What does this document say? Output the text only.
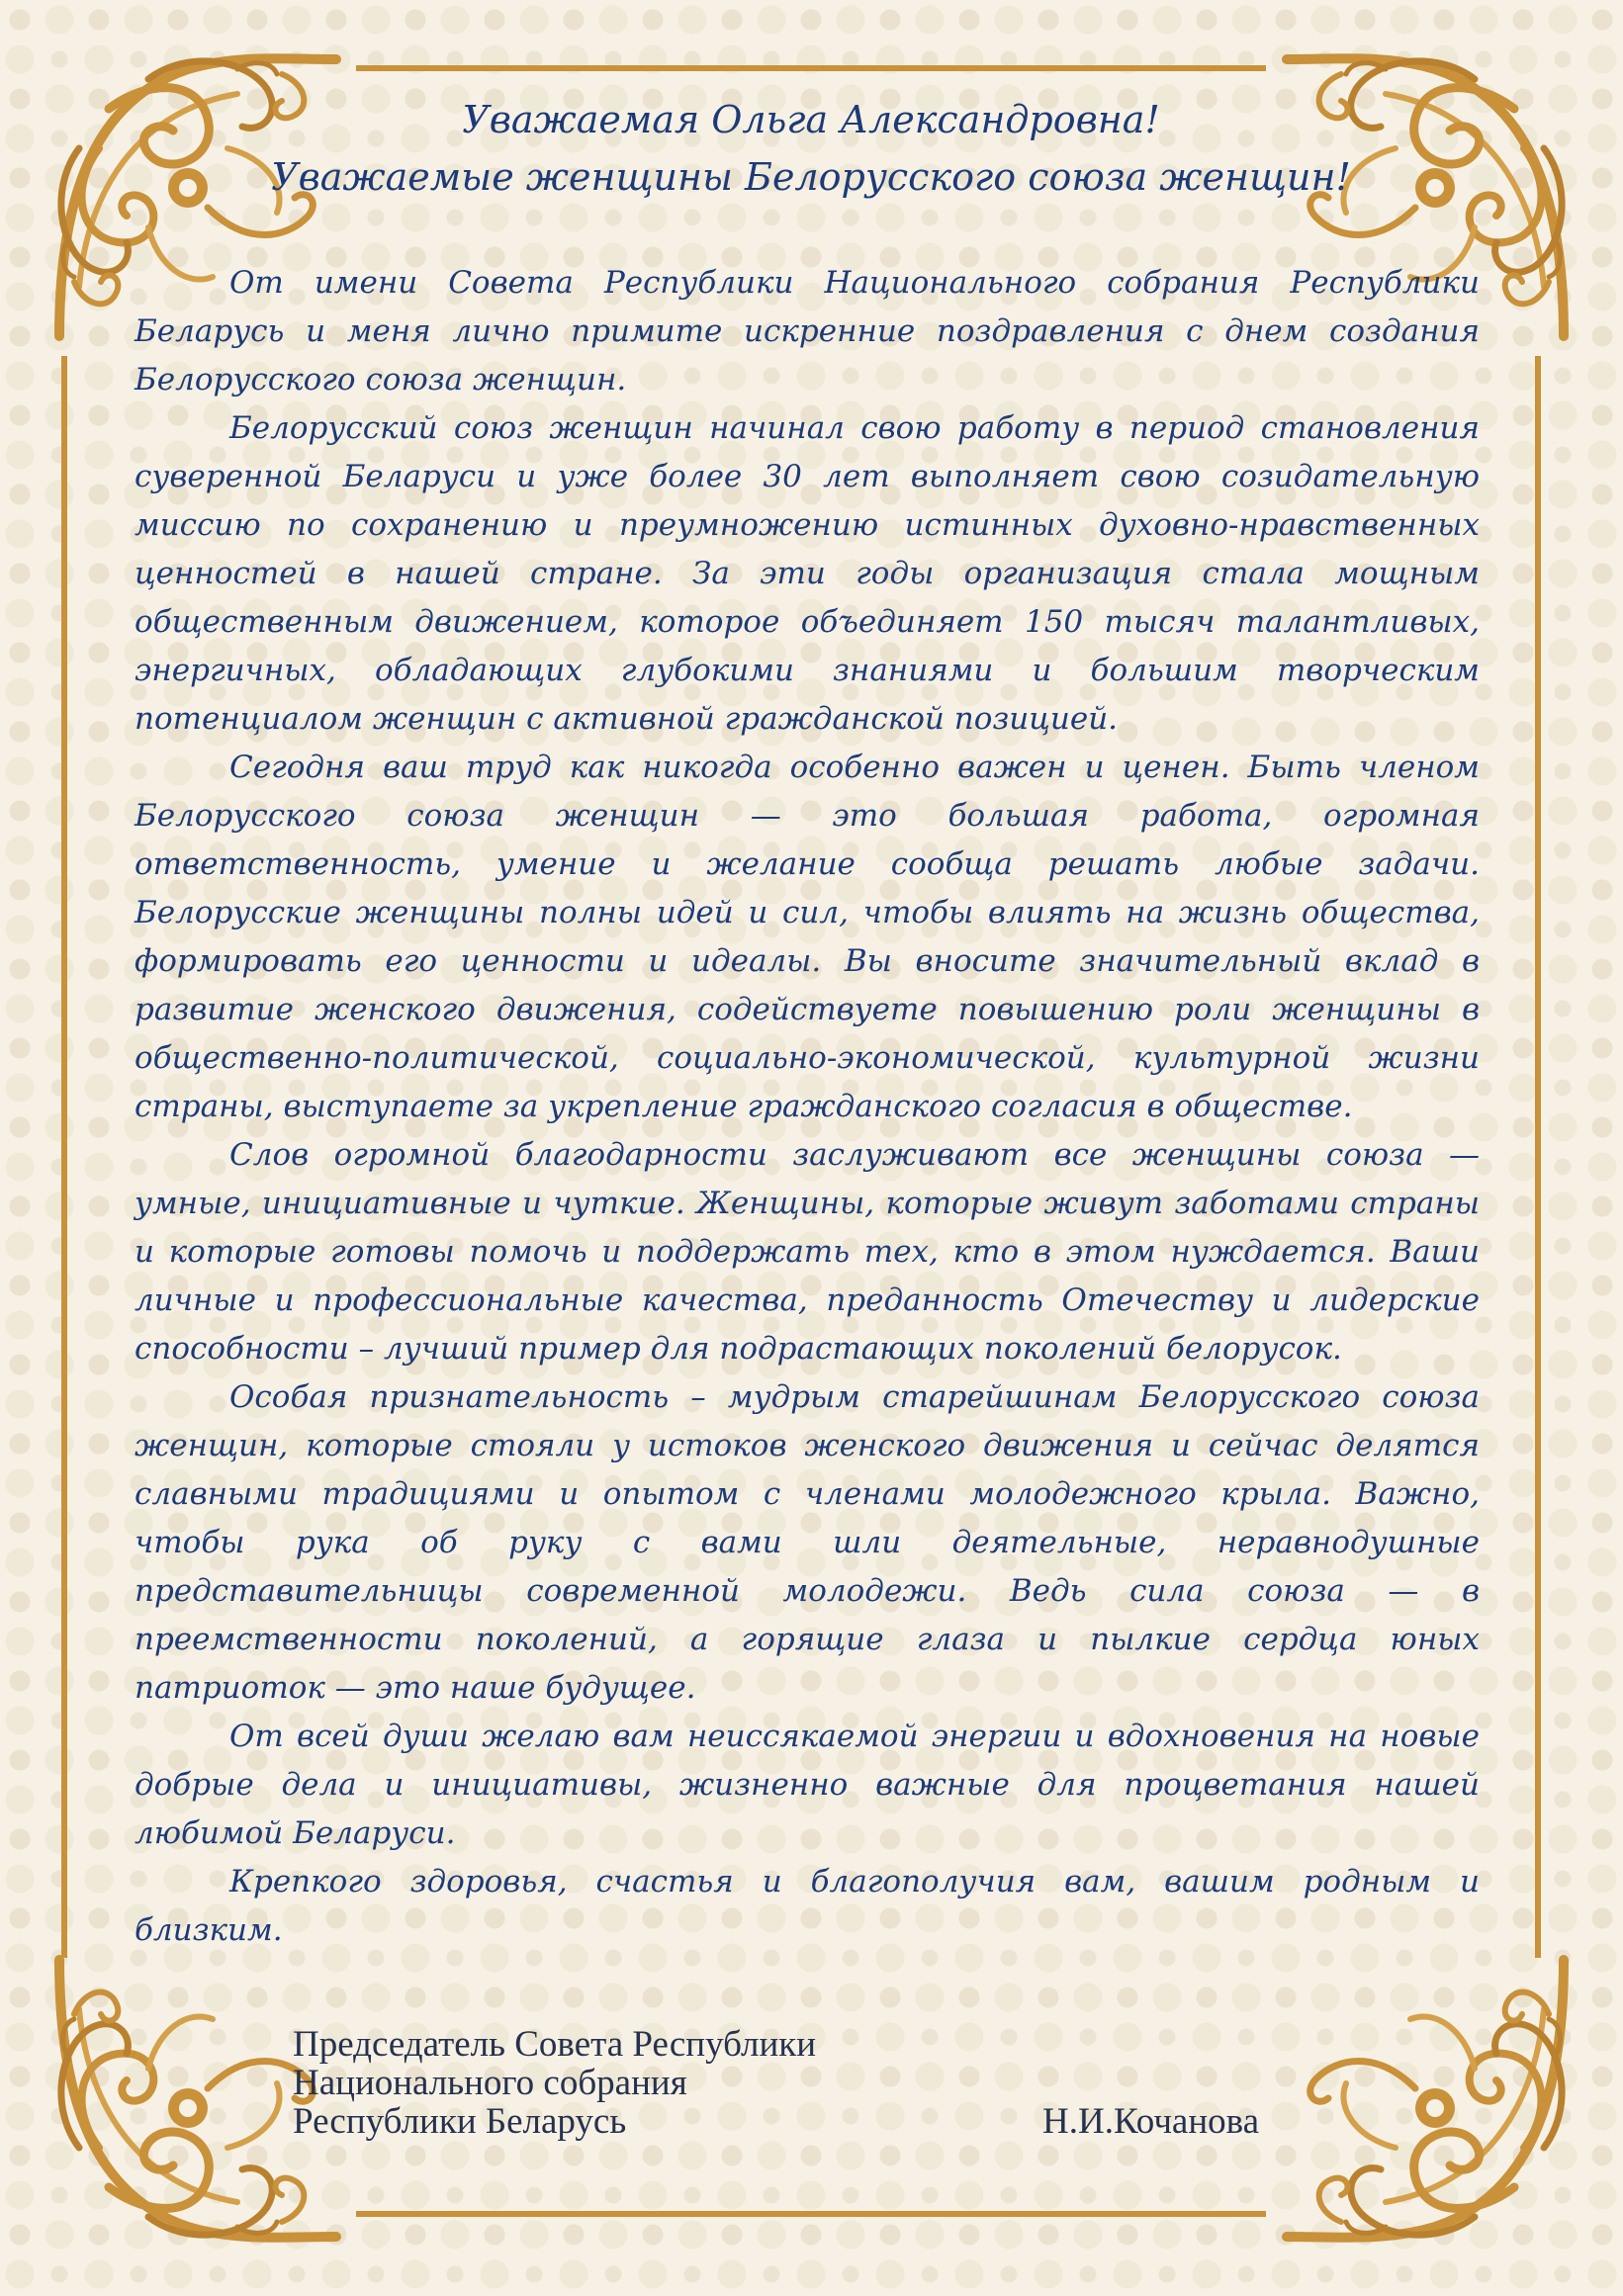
Уважаемая Ольга Александровна!
Уважаемые женщины Белорусского союза женщин!

От имени Совета Республики Национального собрания Республики Беларусь и меня лично примите искренние поздравления с днем создания Белорусского союза женщин.

Белорусский союз женщин начинал свою работу в период становления суверенной Беларуси и уже более 30 лет выполняет свою созидательную миссию по сохранению и преумножению истинных духовно-нравственных ценностей в нашей стране. За эти годы организация стала мощным общественным движением, которое объединяет 150 тысяч талантливых, энергичных, обладающих глубокими знаниями и большим творческим потенциалом женщин с активной гражданской позицией.

Сегодня ваш труд как никогда особенно важен и ценен. Быть членом Белорусского союза женщин — это большая работа, огромная ответственность, умение и желание сообща решать любые задачи. Белорусские женщины полны идей и сил, чтобы влиять на жизнь общества, формировать его ценности и идеалы. Вы вносите значительный вклад в развитие женского движения, содействуете повышению роли женщины в общественно-политической, социально-экономической, культурной жизни страны, выступаете за укрепление гражданского согласия в обществе.

Слов огромной благодарности заслуживают все женщины союза — умные, инициативные и чуткие. Женщины, которые живут заботами страны и которые готовы помочь и поддержать тех, кто в этом нуждается. Ваши личные и профессиональные качества, преданность Отечеству и лидерские способности – лучший пример для подрастающих поколений белорусок.

Особая признательность – мудрым старейшинам Белорусского союза женщин, которые стояли у истоков женского движения и сейчас делятся славными традициями и опытом с членами молодежного крыла. Важно, чтобы рука об руку с вами шли деятельные, неравнодушные представительницы современной молодежи. Ведь сила союза — в преемственности поколений, а горящие глаза и пылкие сердца юных патриоток — это наше будущее.

От всей души желаю вам неиссякаемой энергии и вдохновения на новые добрые дела и инициативы, жизненно важные для процветания нашей любимой Беларуси.

Крепкого здоровья, счастья и благополучия вам, вашим родным и близким.

Председатель Совета Республики
Национального собрания
Республики Беларусь	Н.И.Кочанова
